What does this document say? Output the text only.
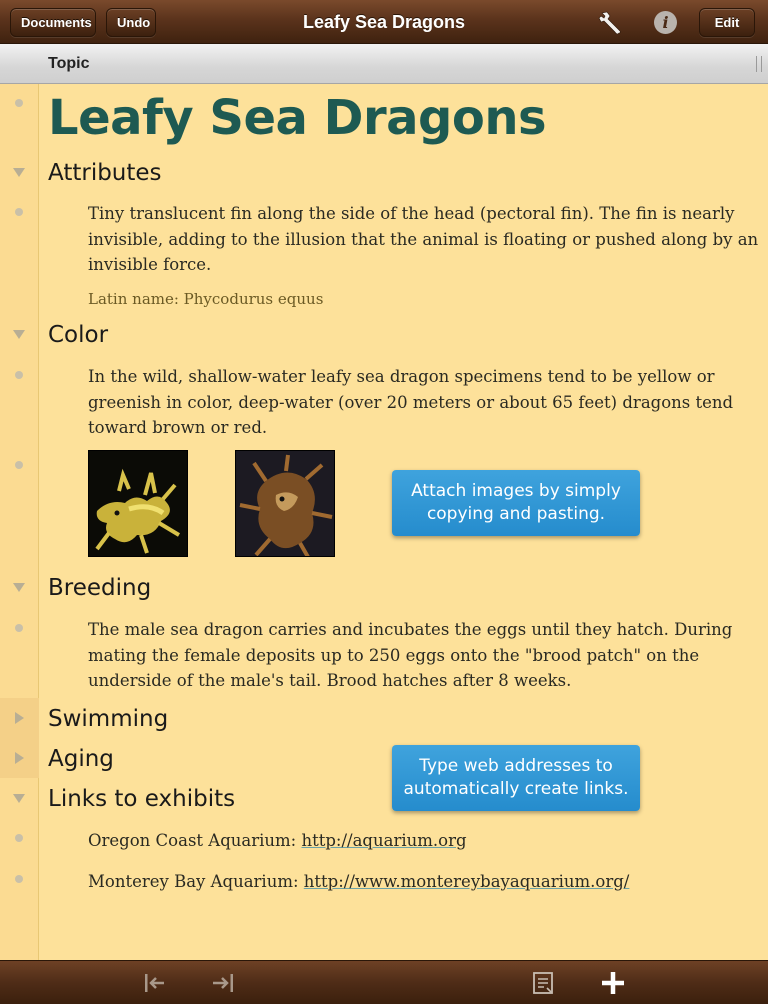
Documents	Undo	Leafy Sea Dragons	i	Edit
Topic
Leafy Sea Dragons
Attributes
Tiny translucent fin along the side of the head (pectoral fin). The fin is nearly invisible, adding to the illusion that the animal is floating or pushed along by an invisible force.
Latin name: Phycodurus equus
Color
In the wild, shallow-water leafy sea dragon specimens tend to be yellow or greenish in color, deep-water (over 20 meters or about 65 feet) dragons tend toward brown or red.
Attach images by simply copying and pasting.
Breeding
The male sea dragon carries and incubates the eggs until they hatch. During mating the female deposits up to 250 eggs onto the "brood patch" on the underside of the male's tail. Brood hatches after 8 weeks.
Swimming
Aging	Type web addresses to automatically create links.
Links to exhibits
Oregon Coast Aquarium: http://aquarium.org
Monterey Bay Aquarium: http://www.montereybayaquarium.org/
